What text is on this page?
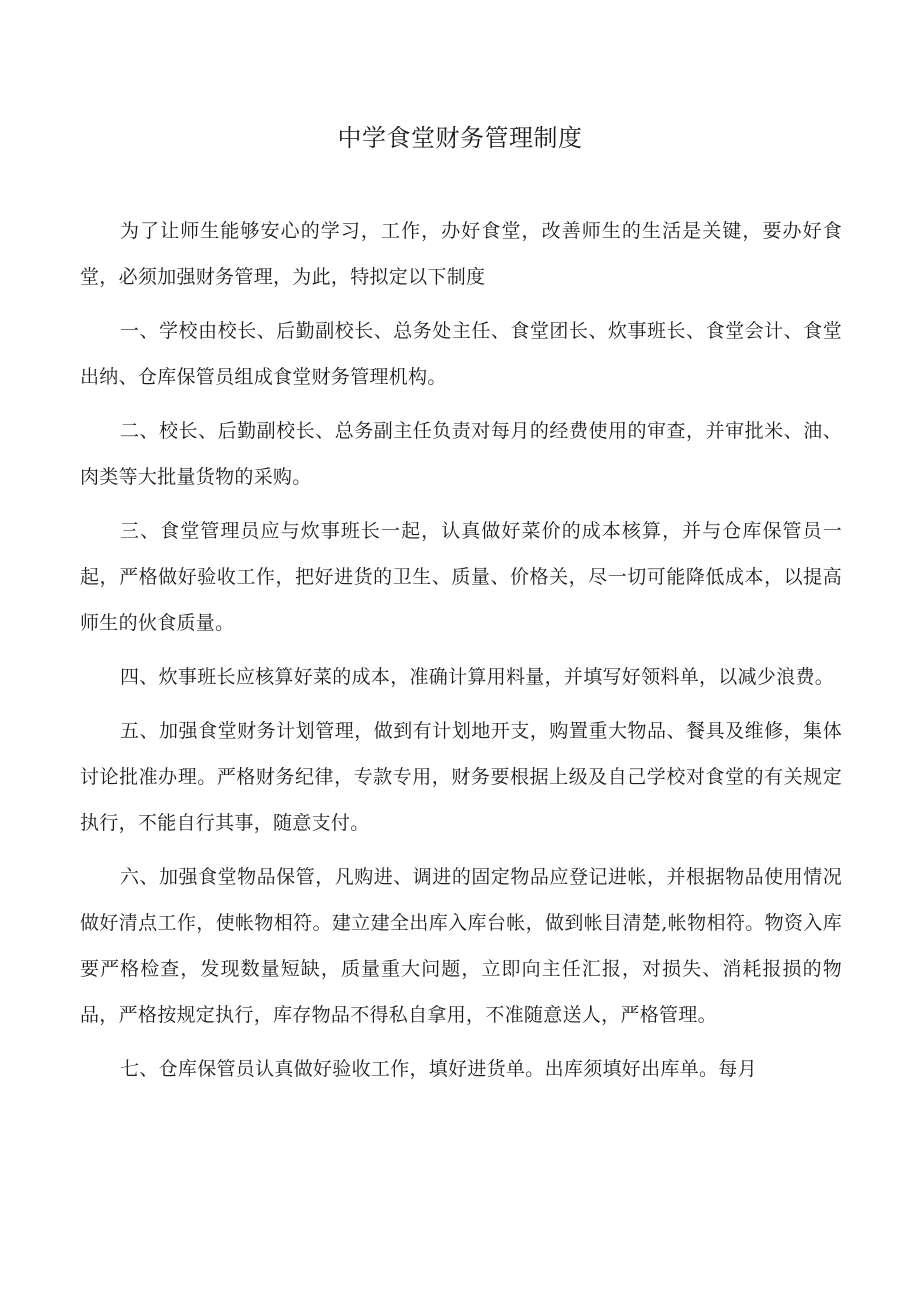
中学食堂财务管理制度

为了让师生能够安心的学习，工作，办好食堂，改善师生的生活是关键，要办好食堂，必须加强财务管理，为此，特拟定以下制度

一、学校由校长、后勤副校长、总务处主任、食堂团长、炊事班长、食堂会计、食堂出纳、仓库保管员组成食堂财务管理机构。

二、校长、后勤副校长、总务副主任负责对每月的经费使用的审查，并审批米、油、肉类等大批量货物的采购。

三、食堂管理员应与炊事班长一起，认真做好菜价的成本核算，并与仓库保管员一起，严格做好验收工作，把好进货的卫生、质量、价格关，尽一切可能降低成本，以提高师生的伙食质量。

四、炊事班长应核算好菜的成本，准确计算用料量，并填写好领料单，以减少浪费。

五、加强食堂财务计划管理，做到有计划地开支，购置重大物品、餐具及维修，集体讨论批准办理。严格财务纪律，专款专用，财务要根据上级及自己学校对食堂的有关规定执行，不能自行其事，随意支付。

六、加强食堂物品保管，凡购进、调进的固定物品应登记进帐，并根据物品使用情况做好清点工作，使帐物相符。建立建全出库入库台帐，做到帐目清楚,帐物相符。物资入库要严格检查，发现数量短缺，质量重大问题，立即向主任汇报，对损失、消耗报损的物品，严格按规定执行，库存物品不得私自拿用，不准随意送人，严格管理。

七、仓库保管员认真做好验收工作，填好进货单。出库须填好出库单。每月
